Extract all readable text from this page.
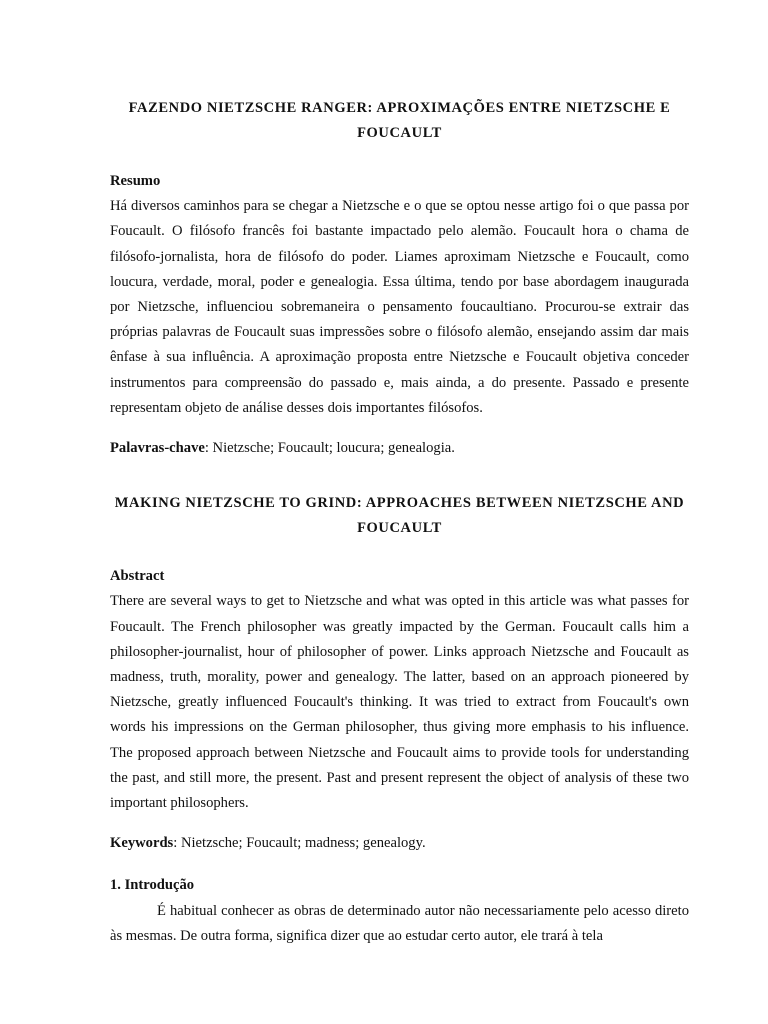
FAZENDO NIETZSCHE RANGER: APROXIMAÇÕES ENTRE NIETZSCHE E
FOUCAULT

Resumo

Há diversos caminhos para se chegar a Nietzsche e o que se optou nesse artigo foi o que passa por Foucault. O filósofo francês foi bastante impactado pelo alemão. Foucault hora o chama de filósofo-jornalista, hora de filósofo do poder. Liames aproximam Nietzsche e Foucault, como loucura, verdade, moral, poder e genealogia. Essa última, tendo por base abordagem inaugurada por Nietzsche, influenciou sobremaneira o pensamento foucaultiano. Procurou-se extrair das próprias palavras de Foucault suas impressões sobre o filósofo alemão, ensejando assim dar mais ênfase à sua influência. A aproximação proposta entre Nietzsche e Foucault objetiva conceder instrumentos para compreensão do passado e, mais ainda, a do presente. Passado e presente representam objeto de análise desses dois importantes filósofos.

Palavras-chave: Nietzsche; Foucault; loucura; genealogia.

MAKING NIETZSCHE TO GRIND: APPROACHES BETWEEN NIETZSCHE AND
FOUCAULT

Abstract

There are several ways to get to Nietzsche and what was opted in this article was what passes for Foucault. The French philosopher was greatly impacted by the German. Foucault calls him a philosopher-journalist, hour of philosopher of power. Links approach Nietzsche and Foucault as madness, truth, morality, power and genealogy. The latter, based on an approach pioneered by Nietzsche, greatly influenced Foucault's thinking. It was tried to extract from Foucault's own words his impressions on the German philosopher, thus giving more emphasis to his influence. The proposed approach between Nietzsche and Foucault aims to provide tools for understanding the past, and still more, the present. Past and present represent the object of analysis of these two important philosophers.

Keywords: Nietzsche; Foucault; madness; genealogy.

1. Introdução

É habitual conhecer as obras de determinado autor não necessariamente pelo acesso direto às mesmas. De outra forma, significa dizer que ao estudar certo autor, ele trará à tela
